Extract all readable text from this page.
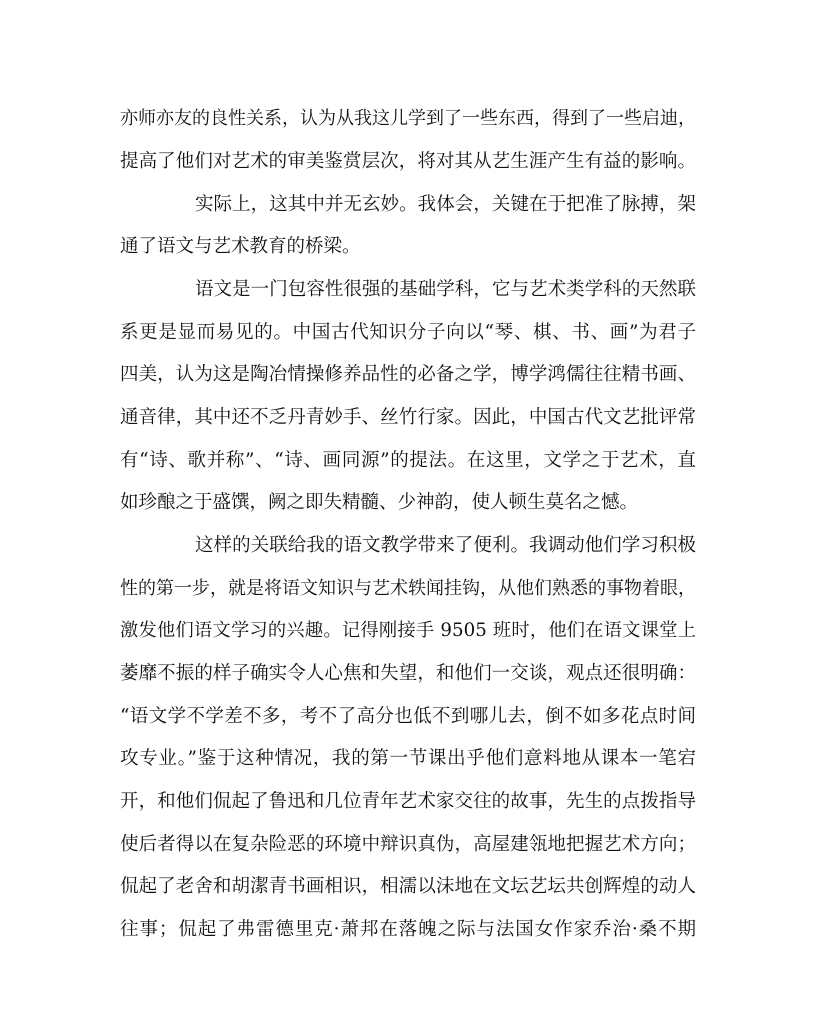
亦师亦友的良性关系，认为从我这儿学到了一些东西，得到了一些启迪，
提高了他们对艺术的审美鉴赏层次，将对其从艺生涯产生有益的影响。
实际上，这其中并无玄妙。我体会，关键在于把准了脉搏，架
通了语文与艺术教育的桥梁。
语文是一门包容性很强的基础学科，它与艺术类学科的天然联
系更是显而易见的。中国古代知识分子向以“琴、棋、书、画”为君子
四美，认为这是陶冶情操修养品性的必备之学，博学鸿儒往往精书画、
通音律，其中还不乏丹青妙手、丝竹行家。因此，中国古代文艺批评常
有“诗、歌并称”、“诗、画同源”的提法。在这里，文学之于艺术，直
如珍酿之于盛馔，阙之即失精髓、少神韵，使人顿生莫名之憾。
这样的关联给我的语文教学带来了便利。我调动他们学习积极
性的第一步，就是将语文知识与艺术轶闻挂钩，从他们熟悉的事物着眼，
激发他们语文学习的兴趣。记得刚接手 9505 班时，他们在语文课堂上
萎靡不振的样子确实令人心焦和失望，和他们一交谈，观点还很明确：
“语文学不学差不多，考不了高分也低不到哪儿去，倒不如多花点时间
攻专业。”鉴于这种情况，我的第一节课出乎他们意料地从课本一笔宕
开，和他们侃起了鲁迅和几位青年艺术家交往的故事，先生的点拨指导
使后者得以在复杂险恶的环境中辩识真伪，高屋建瓴地把握艺术方向；
侃起了老舍和胡潔青书画相识，相濡以沫地在文坛艺坛共创辉煌的动人
往事；侃起了弗雷德里克·萧邦在落魄之际与法国女作家乔治·桑不期
